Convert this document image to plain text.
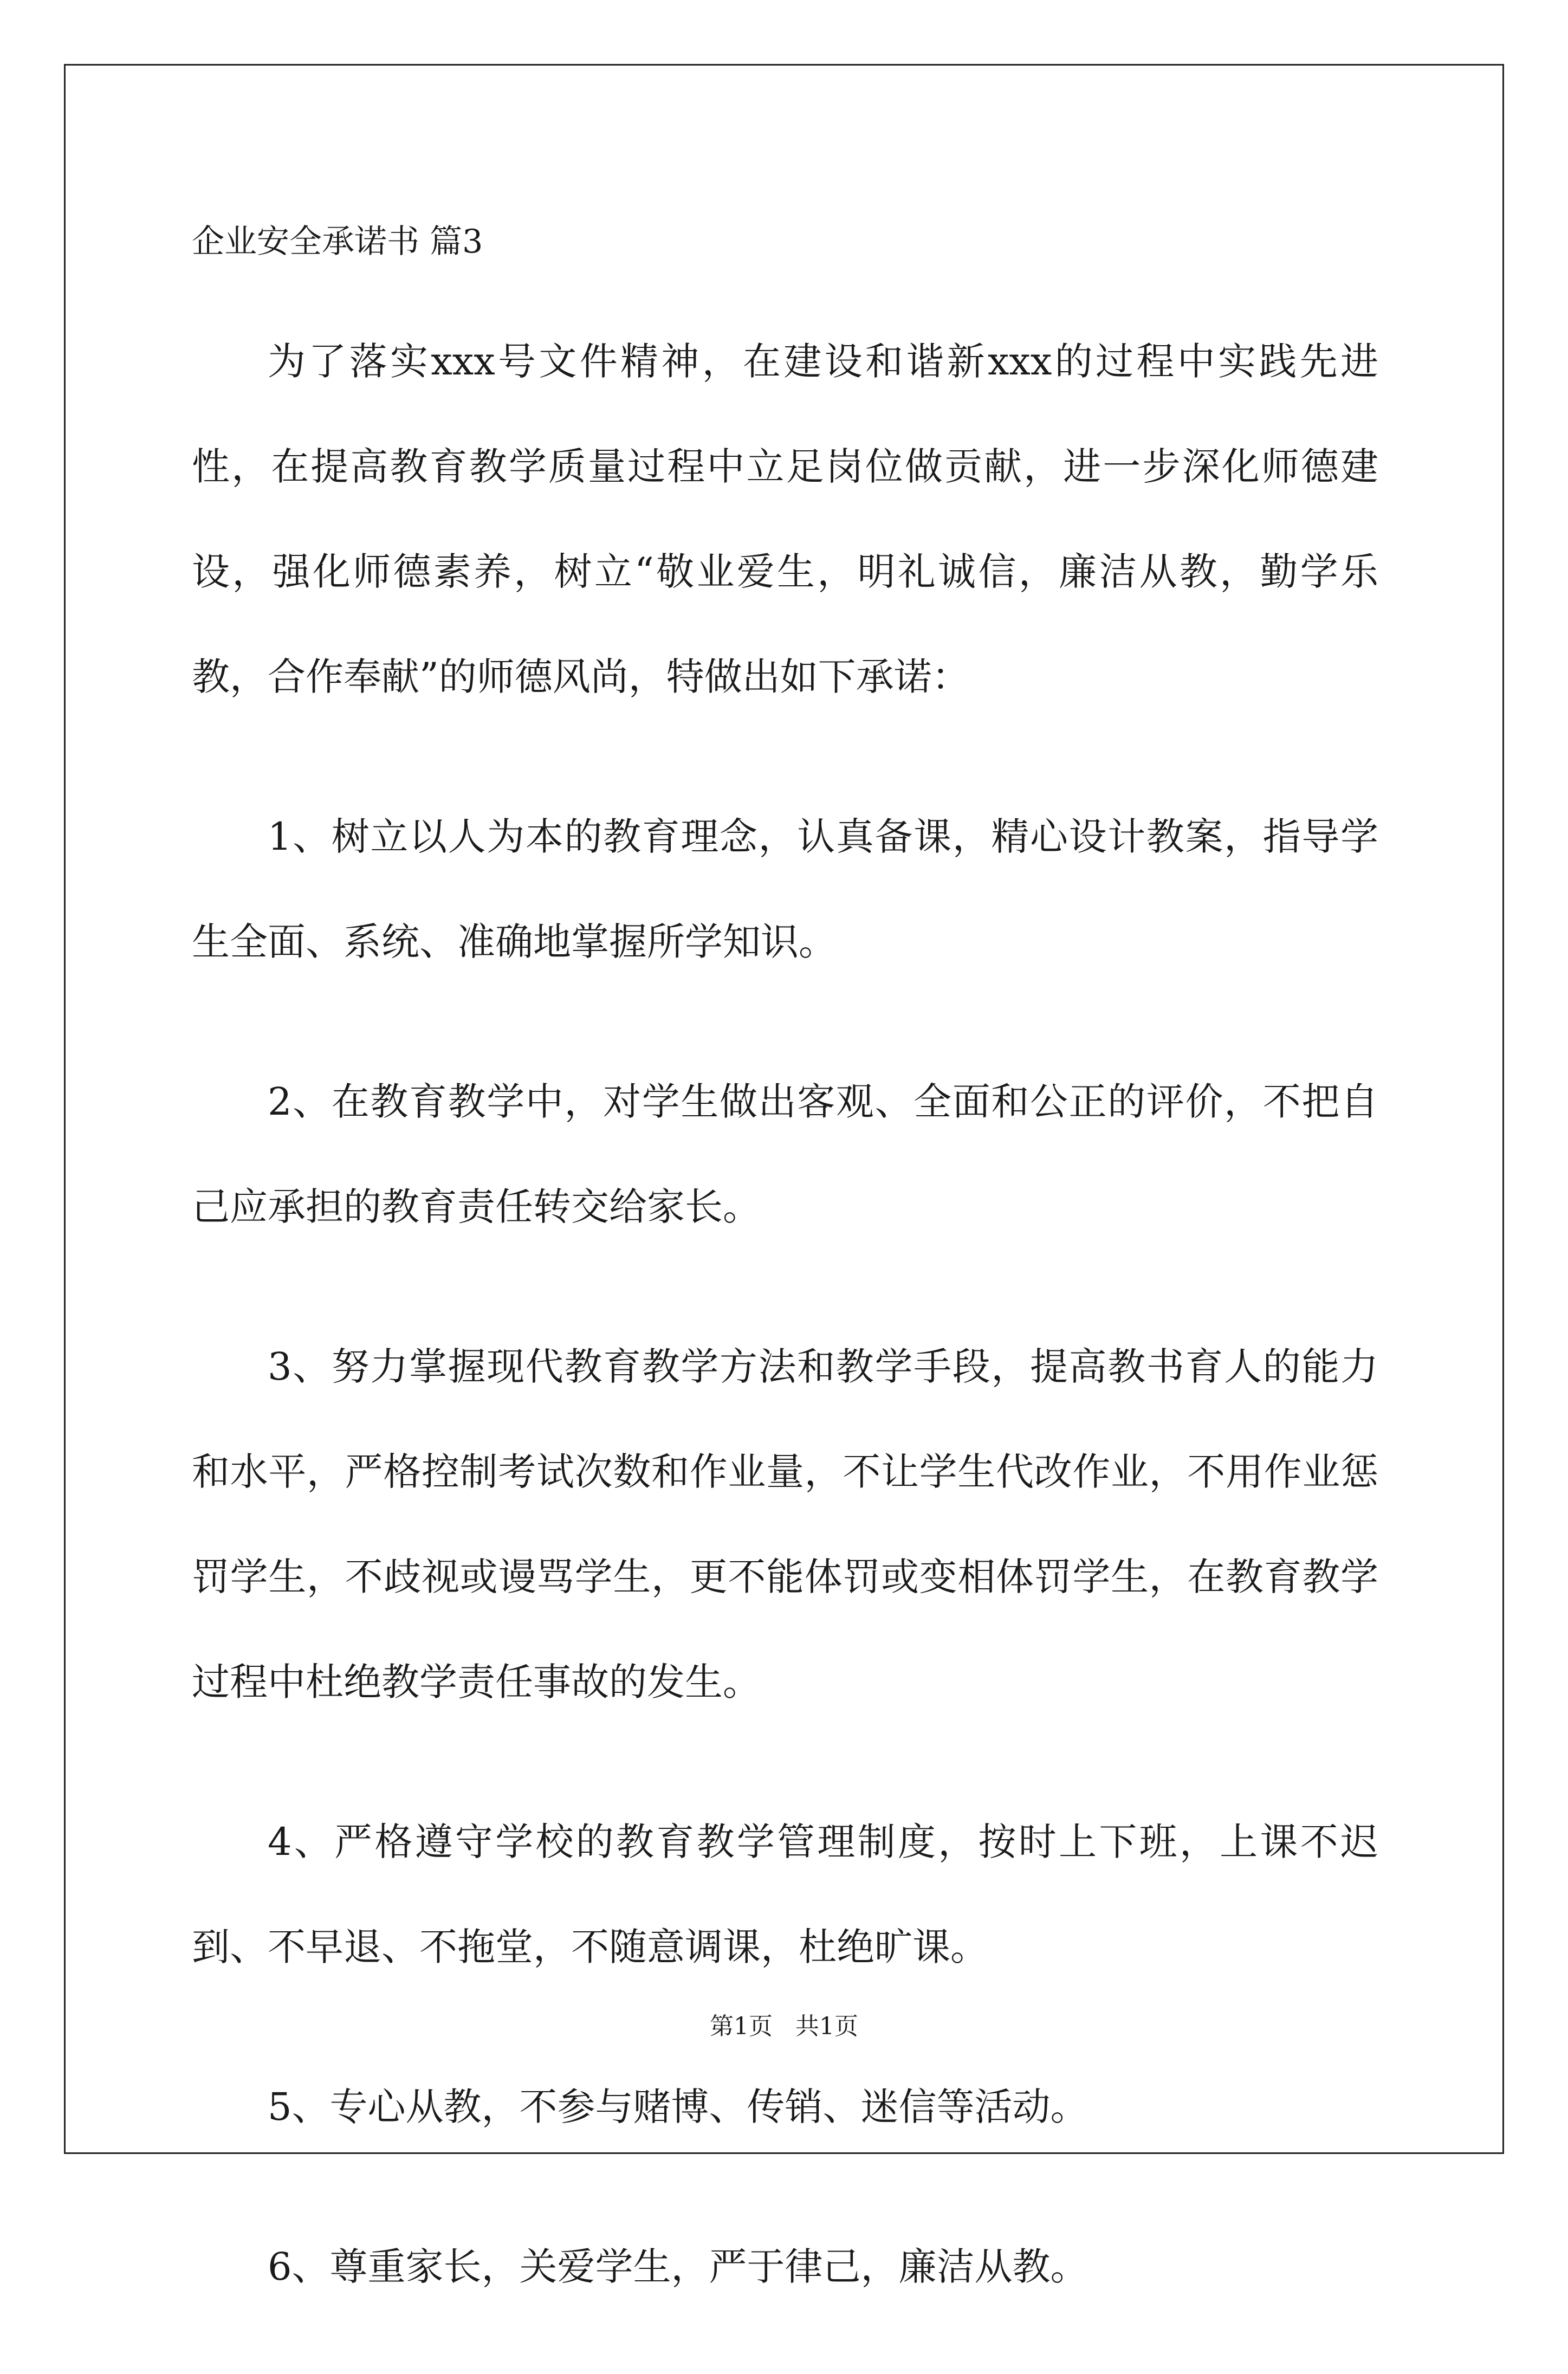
企业安全承诺书 篇3

为了落实xxx号文件精神，在建设和谐新xxx的过程中实践先进性，在提高教育教学质量过程中立足岗位做贡献，进一步深化师德建设，强化师德素养，树立“敬业爱生，明礼诚信，廉洁从教，勤学乐教，合作奉献”的师德风尚，特做出如下承诺：

1、树立以人为本的教育理念，认真备课，精心设计教案，指导学生全面、系统、准确地掌握所学知识。

2、在教育教学中，对学生做出客观、全面和公正的评价，不把自己应承担的教育责任转交给家长。

3、努力掌握现代教育教学方法和教学手段，提高教书育人的能力和水平，严格控制考试次数和作业量，不让学生代改作业，不用作业惩罚学生，不歧视或谩骂学生，更不能体罚或变相体罚学生，在教育教学过程中杜绝教学责任事故的发生。

4、严格遵守学校的教育教学管理制度，按时上下班，上课不迟到、不早退、不拖堂，不随意调课，杜绝旷课。

5、专心从教，不参与赌博、传销、迷信等活动。

6、尊重家长，关爱学生，严于律己，廉洁从教。

第1页   共1页
